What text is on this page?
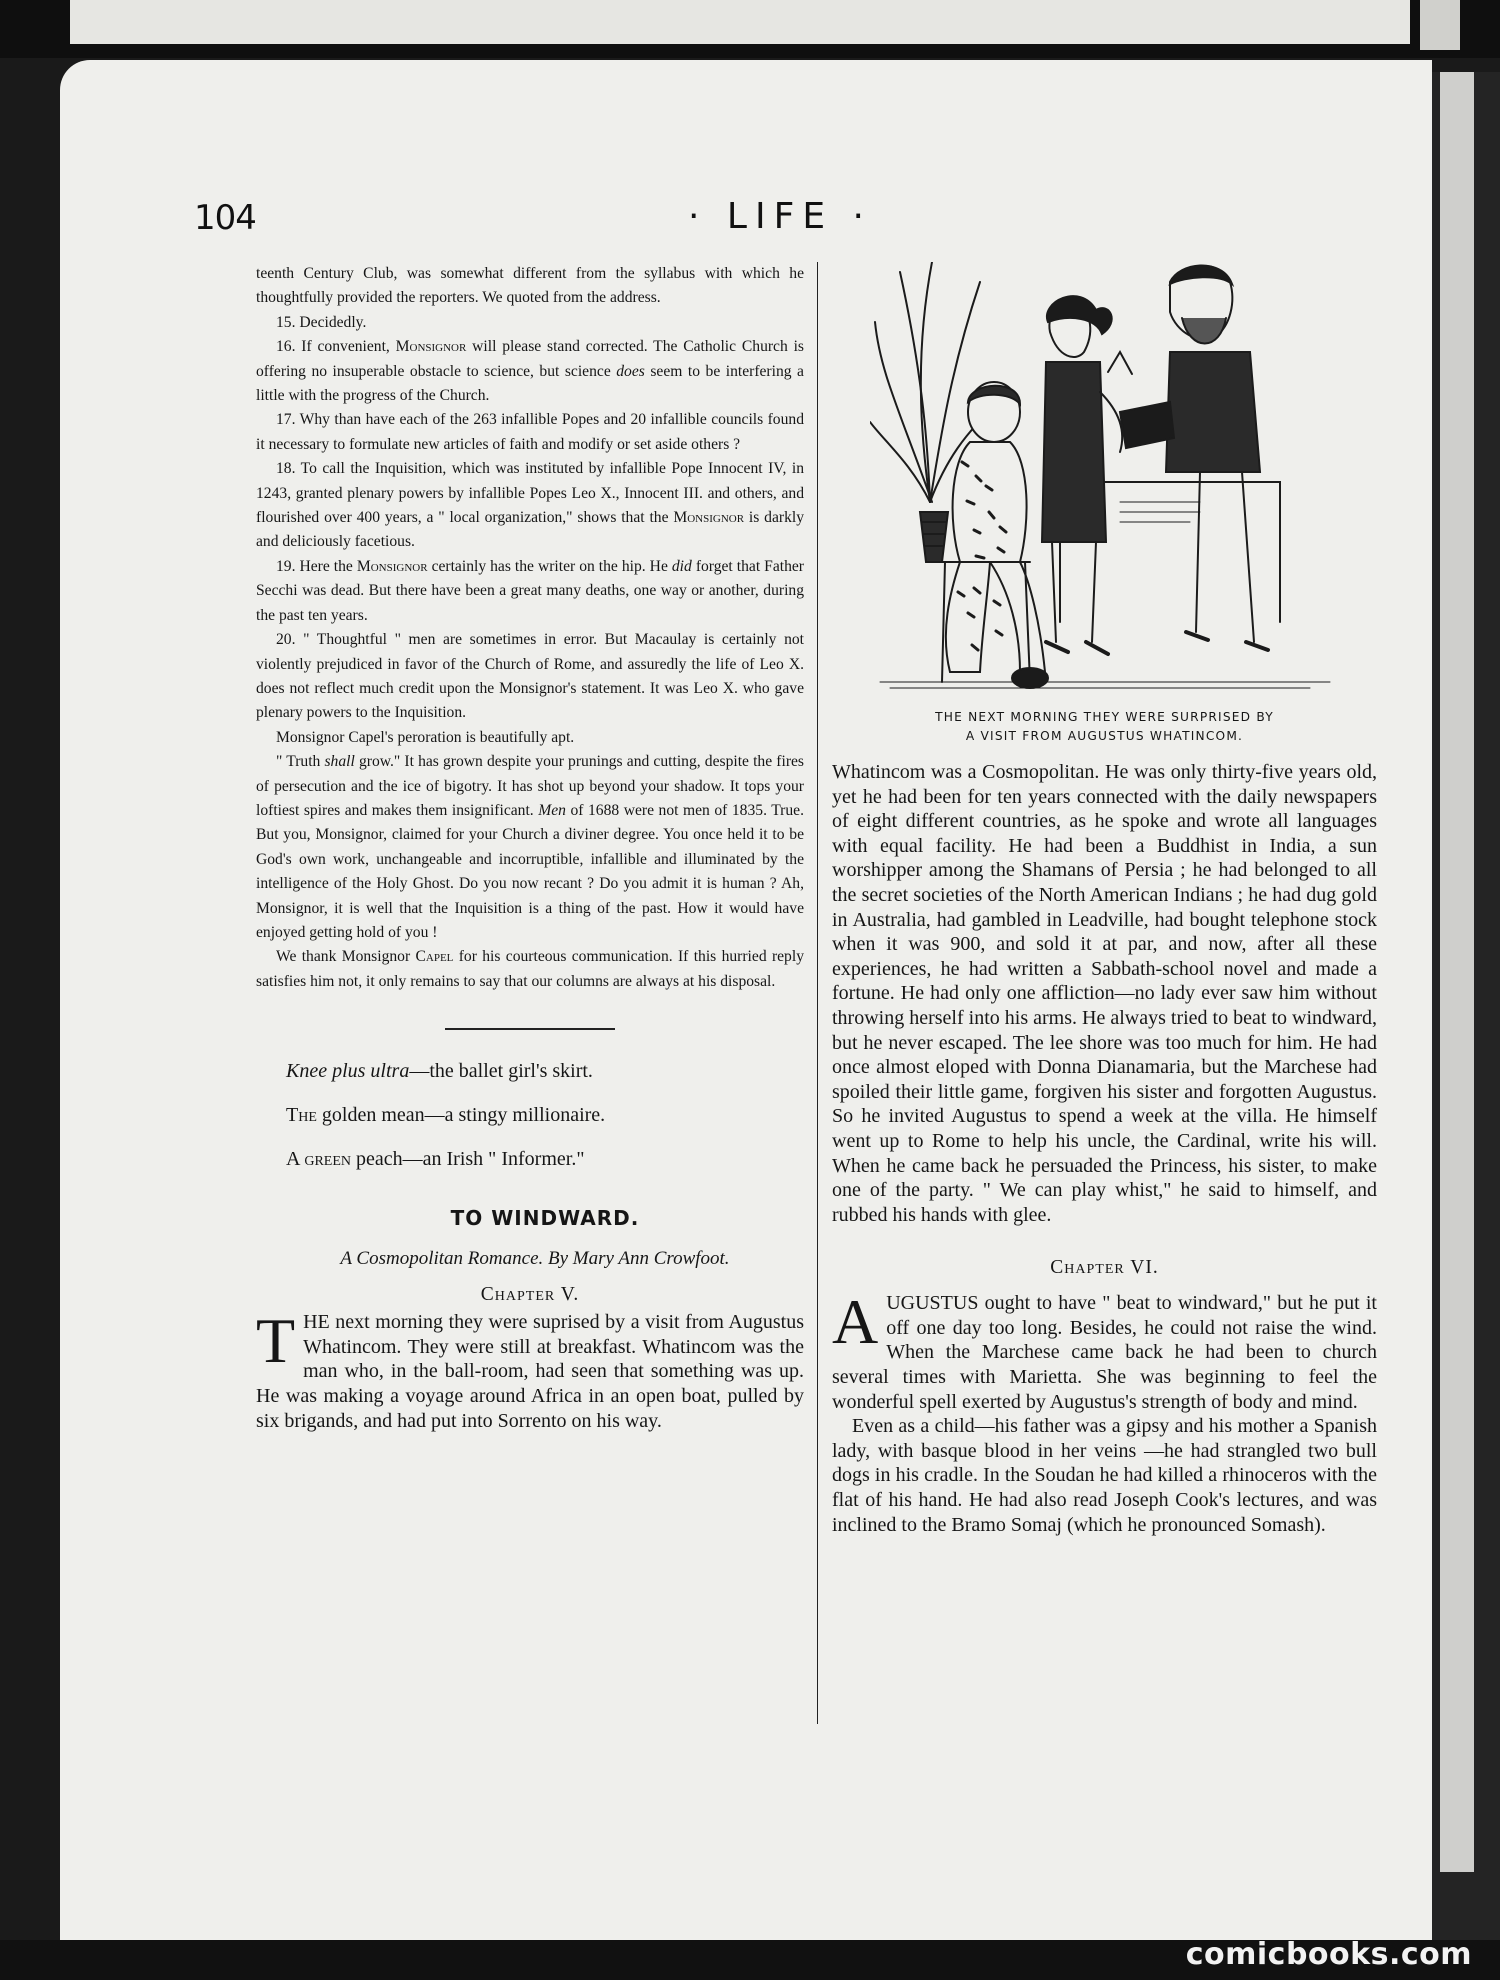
104	· LIFE ·

teenth Century Club, was somewhat different from the syllabus with which he thoughtfully provided the reporters. We quoted from the address.

15. Decidedly.

16. If convenient, Monsignor will please stand corrected. The Catholic Church is offering no insuperable obstacle to science, but science does seem to be interfering a little with the progress of the Church.

17. Why than have each of the 263 infallible Popes and 20 infallible councils found it necessary to formulate new articles of faith and modify or set aside others ?

18. To call the Inquisition, which was instituted by infallible Pope Innocent IV, in 1243, granted plenary powers by infallible Popes Leo X., Innocent III. and others, and flourished over 400 years, a " local organization," shows that the Monsignor is darkly and deliciously facetious.

19. Here the Monsignor certainly has the writer on the hip. He did forget that Father Secchi was dead. But there have been a great many deaths, one way or another, during the past ten years.

20. " Thoughtful " men are sometimes in error. But Macaulay is certainly not violently prejudiced in favor of the Church of Rome, and assuredly the life of Leo X. does not reflect much credit upon the Monsignor's statement. It was Leo X. who gave plenary powers to the Inquisition.

Monsignor Capel's peroration is beautifully apt.

" Truth shall grow." It has grown despite your prunings and cutting, despite the fires of persecution and the ice of bigotry. It has shot up beyond your shadow. It tops your loftiest spires and makes them insignificant. Men of 1688 were not men of 1835. True. But you, Monsignor, claimed for your Church a diviner degree. You once held it to be God's own work, unchangeable and incorruptible, infallible and illuminated by the intelligence of the Holy Ghost. Do you now recant ? Do you admit it is human ? Ah, Monsignor, it is well that the Inquisition is a thing of the past. How it would have enjoyed getting hold of you !

We thank Monsignor Capel for his courteous communication. If this hurried reply satisfies him not, it only remains to say that our columns are always at his disposal.

Knee plus ultra—the ballet girl's skirt.

The golden mean—a stingy millionaire.

A green peach—an Irish " Informer."

TO WINDWARD.
A Cosmopolitan Romance. By Mary Ann Crowfoot.
Chapter V.

THE next morning they were suprised by a visit from Augustus Whatincom. They were still at breakfast. Whatincom was the man who, in the ball-room, had seen that something was up. He was making a voyage around Africa in an open boat, pulled by six brigands, and had put into Sorrento on his way.

THE NEXT MORNING THEY WERE SURPRISED BY
A VISIT FROM AUGUSTUS WHATINCOM.

Whatincom was a Cosmopolitan. He was only thirty-five years old, yet he had been for ten years connected with the daily newspapers of eight different countries, as he spoke and wrote all languages with equal facility. He had been a Buddhist in India, a sun worshipper among the Shamans of Persia ; he had belonged to all the secret societies of the North American Indians ; he had dug gold in Australia, had gambled in Leadville, had bought telephone stock when it was 900, and sold it at par, and now, after all these experiences, he had written a Sabbath-school novel and made a fortune. He had only one affliction—no lady ever saw him without throwing herself into his arms. He always tried to beat to windward, but he never escaped. The lee shore was too much for him. He had once almost eloped with Donna Dianamaria, but the Marchese had spoiled their little game, forgiven his sister and forgotten Augustus. So he invited Augustus to spend a week at the villa. He himself went up to Rome to help his uncle, the Cardinal, write his will. When he came back he persuaded the Princess, his sister, to make one of the party. " We can play whist," he said to himself, and rubbed his hands with glee.

Chapter VI.

AUGUSTUS ought to have " beat to windward," but he put it off one day too long. Besides, he could not raise the wind. When the Marchese came back he had been to church several times with Marietta. She was beginning to feel the wonderful spell exerted by Augustus's strength of body and mind.

Even as a child—his father was a gipsy and his mother a Spanish lady, with basque blood in her veins —he had strangled two bull dogs in his cradle. In the Soudan he had killed a rhinoceros with the flat of his hand. He had also read Joseph Cook's lectures, and was inclined to the Bramo Somaj (which he pronounced Somash).

comicbooks.com
